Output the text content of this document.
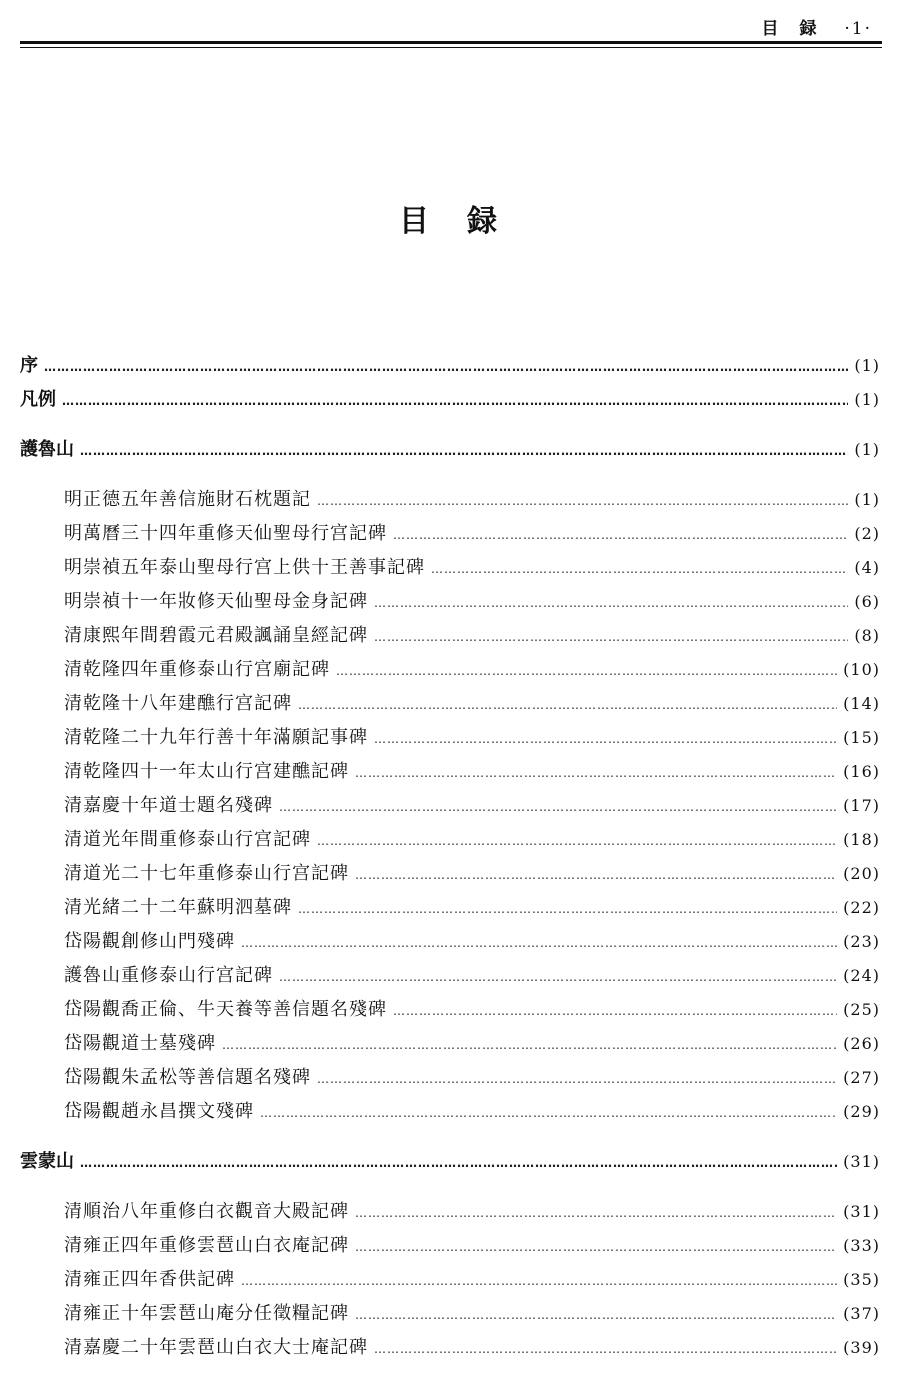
目　録 ·1·
目 録
序 ……………………………………………………………………………………………………………………………………………………………………………………………………………………………………	(1)
凡例 ……………………………………………………………………………………………………………………………………………………………………………………………………………………………………	(1)
護魯山 ……………………………………………………………………………………………………………………………………………………………………………………………………………………………………	(1)
明正德五年善信施財石枕題記 ……………………………………………………………………………………………………………………………………………………………………………………………………………………………………	(1)
明萬曆三十四年重修天仙聖母行宫記碑 ……………………………………………………………………………………………………………………………………………………………………………………………………………………………………	(2)
明崇禎五年泰山聖母行宫上供十王善事記碑 ……………………………………………………………………………………………………………………………………………………………………………………………………………………………………	(4)
明崇禎十一年妝修天仙聖母金身記碑 ……………………………………………………………………………………………………………………………………………………………………………………………………………………………………	(6)
清康熙年間碧霞元君殿諷誦皇經記碑 ……………………………………………………………………………………………………………………………………………………………………………………………………………………………………	(8)
清乾隆四年重修泰山行宫廟記碑 ……………………………………………………………………………………………………………………………………………………………………………………………………………………………………	(10)
清乾隆十八年建醮行宫記碑 ……………………………………………………………………………………………………………………………………………………………………………………………………………………………………	(14)
清乾隆二十九年行善十年滿願記事碑 ……………………………………………………………………………………………………………………………………………………………………………………………………………………………………	(15)
清乾隆四十一年太山行宫建醮記碑 ……………………………………………………………………………………………………………………………………………………………………………………………………………………………………	(16)
清嘉慶十年道士題名殘碑 ……………………………………………………………………………………………………………………………………………………………………………………………………………………………………	(17)
清道光年間重修泰山行宫記碑 ……………………………………………………………………………………………………………………………………………………………………………………………………………………………………	(18)
清道光二十七年重修泰山行宫記碑 ……………………………………………………………………………………………………………………………………………………………………………………………………………………………………	(20)
清光緒二十二年蘇明泗墓碑 ……………………………………………………………………………………………………………………………………………………………………………………………………………………………………	(22)
岱陽觀創修山門殘碑 ……………………………………………………………………………………………………………………………………………………………………………………………………………………………………	(23)
護魯山重修泰山行宫記碑 ……………………………………………………………………………………………………………………………………………………………………………………………………………………………………	(24)
岱陽觀喬正倫、牛天養等善信題名殘碑 ……………………………………………………………………………………………………………………………………………………………………………………………………………………………………	(25)
岱陽觀道士墓殘碑 ……………………………………………………………………………………………………………………………………………………………………………………………………………………………………	(26)
岱陽觀朱孟松等善信題名殘碑 ……………………………………………………………………………………………………………………………………………………………………………………………………………………………………	(27)
岱陽觀趙永昌撰文殘碑 ……………………………………………………………………………………………………………………………………………………………………………………………………………………………………	(29)
雲蒙山 ……………………………………………………………………………………………………………………………………………………………………………………………………………………………………	(31)
清順治八年重修白衣觀音大殿記碑 ……………………………………………………………………………………………………………………………………………………………………………………………………………………………………	(31)
清雍正四年重修雲琶山白衣庵記碑 ……………………………………………………………………………………………………………………………………………………………………………………………………………………………………	(33)
清雍正四年香供記碑 ……………………………………………………………………………………………………………………………………………………………………………………………………………………………………	(35)
清雍正十年雲琶山庵分任徵糧記碑 ……………………………………………………………………………………………………………………………………………………………………………………………………………………………………	(37)
清嘉慶二十年雲琶山白衣大士庵記碑 ……………………………………………………………………………………………………………………………………………………………………………………………………………………………………	(39)
